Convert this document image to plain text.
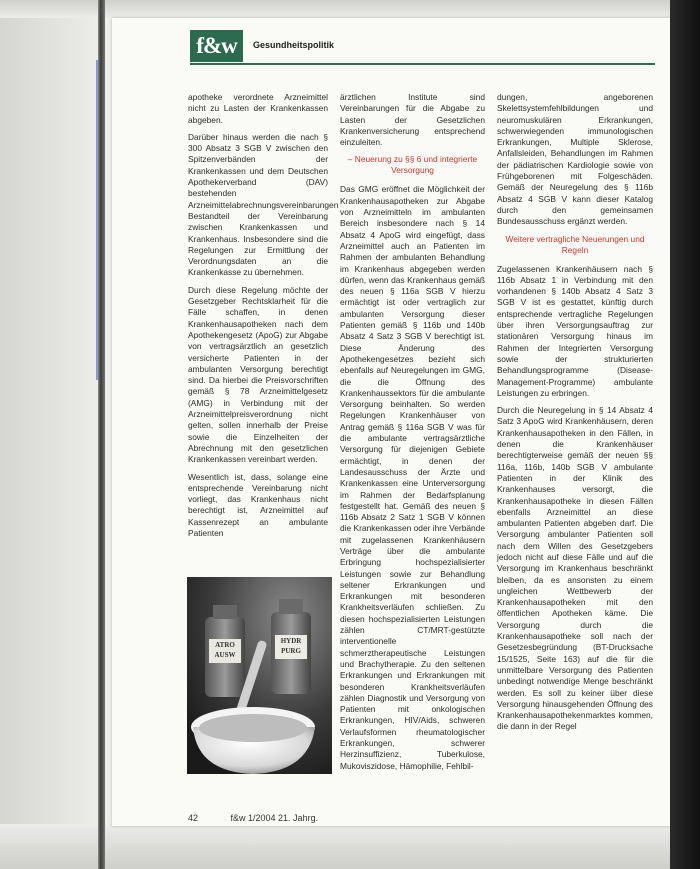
f&w	Gesundheitspolitik

apotheke verordnete Arzneimittel nicht zu Lasten der Krankenkassen abgeben.

Darüber hinaus werden die nach § 300 Absatz 3 SGB V zwischen den Spitzenverbänden der Krankenkassen und dem Deutschen Apothekerverband (DAV) bestehenden Arzneimittelabrechnungsvereinbarungen Bestandteil der Vereinbarung zwischen Krankenkassen und Krankenhaus. Insbesondere sind die Regelungen zur Ermittlung der Verordnungsdaten an die Krankenkasse zu übernehmen.

Durch diese Regelung möchte der Gesetzgeber Rechtsklarheit für die Fälle schaffen, in denen Krankenhausapotheken nach dem Apothekengesetz (ApoG) zur Abgabe von vertragsärztlich an gesetzlich versicherte Patienten in der ambulanten Versorgung berechtigt sind. Da hierbei die Preisvorschriften gemäß § 78 Arzneimittelgesetz (AMG) in Verbindung mit der Arzneimittelpreisverordnung nicht gelten, sollen innerhalb der Preise sowie die Einzelheiten der Abrechnung mit den gesetzlichen Krankenkassen vereinbart werden.

Wesentlich ist, dass, solange eine entsprechende Vereinbarung nicht vorliegt, das Krankenhaus nicht berechtigt ist, Arzneimittel auf Kassenrezept an ambulante Patienten

ärztlichen Institute sind Vereinbarungen für die Abgabe zu Lasten der Gesetzlichen Krankenversicherung entsprechend einzuleiten.

– Neuerung zu §§ 6 und integrierte Versorgung

Das GMG eröffnet die Möglichkeit der Krankenhausapotheken zur Abgabe von Arzneimitteln im ambulanten Bereich insbesondere nach § 14 Absatz 4 ApoG wird eingefügt, dass Arzneimittel auch an Patienten im Rahmen der ambulanten Behandlung im Krankenhaus abgegeben werden dürfen, wenn das Krankenhaus gemäß des neuen § 116a SGB V hierzu ermächtigt ist oder vertraglich zur ambulanten Versorgung dieser Patienten gemäß § 116b und 140b Absatz 4 Satz 3 SGB V berechtigt ist. Diese Änderung des Apothekengesetzes bezieht sich ebenfalls auf Neuregelungen im GMG, die die Öffnung des Krankenhaussektors für die ambulante Versorgung beinhalten. So werden Regelungen Krankenhäuser von Antrag gemäß § 116a SGB V was für die ambulante vertragsärztliche Versorgung für diejenigen Gebiete ermächtigt, in denen der Landesausschuss der Ärzte und Krankenkassen eine Unterversorgung im Rahmen der Bedarfsplanung festgestellt hat. Gemäß des neuen § 116b Absatz 2 Satz 1 SGB V können die Krankenkassen oder ihre Verbände mit zugelassenen Krankenhäusern Verträge über die ambulante Erbringung hochspezialisierter Leistungen sowie zur Behandlung seltener Erkrankungen und Erkrankungen mit besonderen Krankheitsverläufen schließen. Zu diesen hochspezialisierten Leistungen zählen CT/MRT-gestützte interventionelle schmerztherapeutische Leistungen und Brachytherapie. Zu den seltenen Erkrankungen und Erkrankungen mit besonderen Krankheitsverläufen zählen Diagnostik und Versorgung von Patienten mit onkologischen Erkrankungen, HIV/Aids, schweren Verlaufsformen rheumatologischer Erkrankungen, schwerer Herzinsuffizienz, Tuberkulose, Mukoviszidose, Hämophilie, Fehlbil-

dungen, angeborenen Skelettsystemfehlbildungen und neuromuskulären Erkrankungen, schwerwiegenden immunologischen Erkrankungen, Multiple Sklerose, Anfallsleiden, Behandlungen im Rahmen der pädiatrischen Kardiologie sowie von Frühgeborenen mit Folgeschäden. Gemäß der Neuregelung des § 116b Absatz 4 SGB V kann dieser Katalog durch den gemeinsamen Bundesausschuss ergänzt werden.

Weitere vertragliche Neuerungen und Regeln

Zugelassenen Krankenhäusern nach § 116b Absatz 1 in Verbindung mit den vorhandenen § 140b Absatz 4 Satz 3 SGB V ist es gestattet, künftig durch entsprechende vertragliche Regelungen über ihren Versorgungsauftrag zur stationären Versorgung hinaus im Rahmen der Integrierten Versorgung sowie der strukturierten Behandlungsprogramme (Disease-Management-Programme) ambulante Leistungen zu erbringen.

Durch die Neuregelung in § 14 Absatz 4 Satz 3 ApoG wird Krankenhäusern, deren Krankenhausapotheken in den Fällen, in denen die Krankenhäuser berechtigterweise gemäß der neuen §§ 116a, 116b, 140b SGB V ambulante Patienten in der Klinik des Krankenhauses versorgt, die Krankenhausapotheke in diesen Fällen ebenfalls Arzneimittel an diese ambulanten Patienten abgeben darf. Die Versorgung ambulanter Patienten soll nach dem Willen des Gesetzgebers jedoch nicht auf diese Fälle und auf die Versorgung im Krankenhaus beschränkt bleiben, da es ansonsten zu einem ungleichen Wettbewerb der Krankenhausapotheken mit den öffentlichen Apotheken käme. Die Versorgung durch die Krankenhausapotheke soll nach der Gesetzesbegründung (BT-Drucksache 15/1525, Seite 163) auf die für die unmittelbare Versorgung des Patienten unbedingt notwendige Menge beschränkt werden. Es soll zu keiner über diese Versorgung hinausgehenden Öffnung des Krankenhausapothekenmarktes kommen, die dann in der Regel

ATRO AUSW
HYDR PURG
42	f&w 1/2004 21. Jahrg.
